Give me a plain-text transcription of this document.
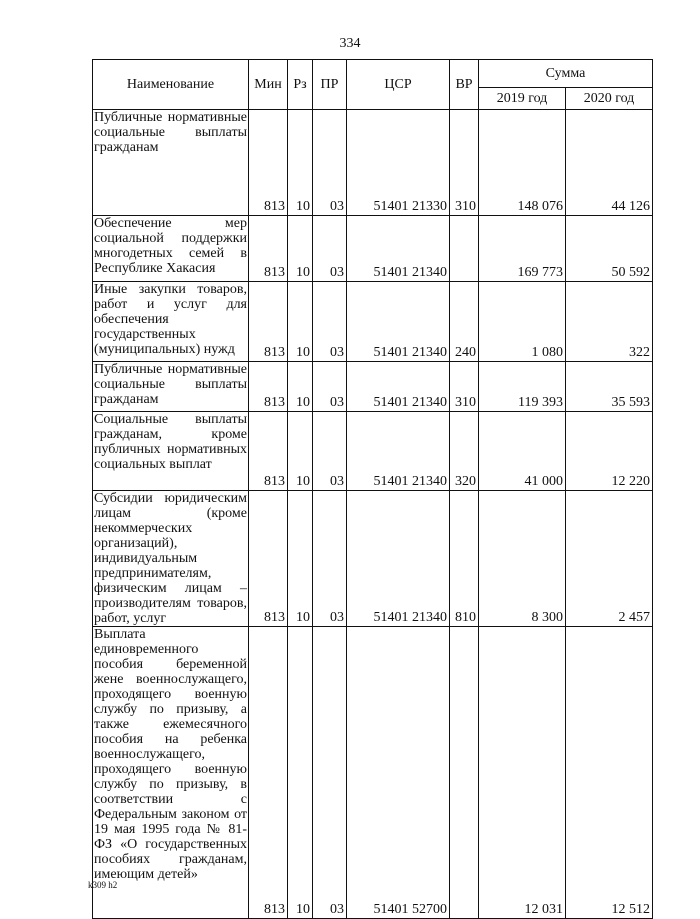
334
Наименование	Мин	Рз	ПР	ЦСР	ВР	Сумма	
						2019 год	2020 год
Публичные нормативные социальные выплаты гражданам	813	10	03	51401 21330	310	148 076	44 126
Обеспечение мер социальной поддержки многодетных семей в Республике Хакасия	813	10	03	51401 21340		169 773	50 592
Иные закупки товаров, работ и услуг для обеспечения государственных (муниципальных) нужд	813	10	03	51401 21340	240	1 080	322
Публичные нормативные социальные выплаты гражданам	813	10	03	51401 21340	310	119 393	35 593
Социальные выплаты гражданам, кроме публичных нормативных социальных выплат	813	10	03	51401 21340	320	41 000	12 220
Субсидии юридическим лицам (кроме некоммерческих организаций), индивидуальным предпринимателям, физическим лицам – производителям товаров, работ, услуг	813	10	03	51401 21340	810	8 300	2 457
Выплата единовременного пособия беременной жене военнослужащего, проходящего военную службу по призыву, а также ежемесячного пособия на ребенка военнослужащего, проходящего военную службу по призыву, в соответствии с Федеральным законом от 19 мая 1995 года № 81-ФЗ «О государственных пособиях гражданам, имеющим детей»	813	10	03	51401 52700		12 031	12 512
k309 h2
